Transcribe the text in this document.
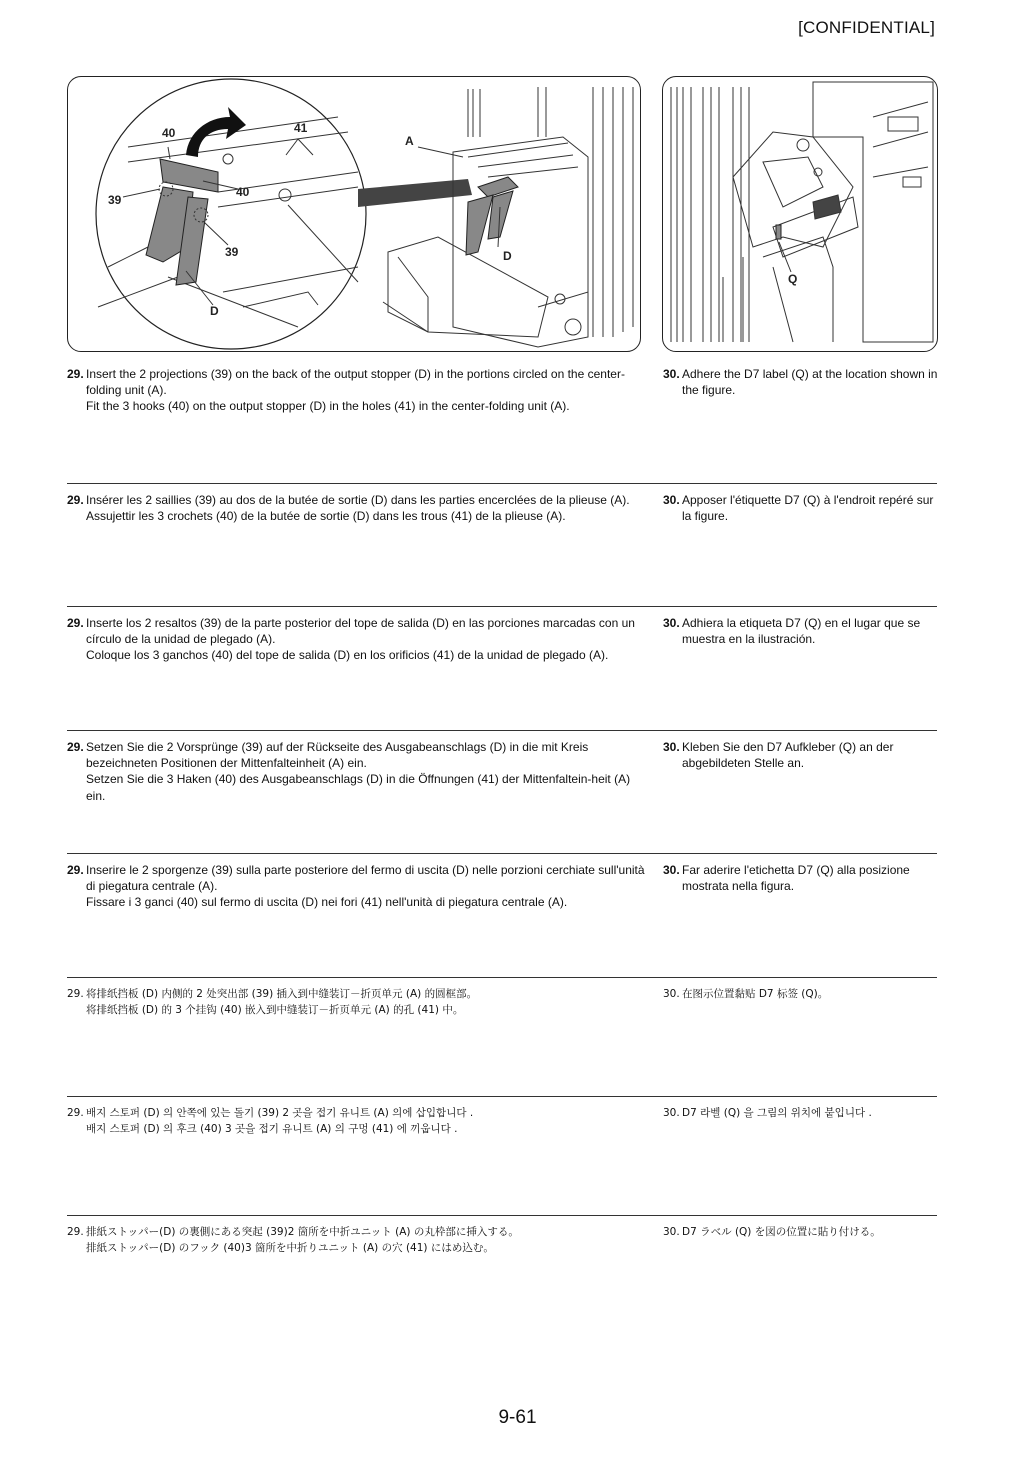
[CONFIDENTIAL]
40	41
39
40
39
D
A
D
Q
29. Insert the 2 projections (39) on the back of the output stopper (D) in the portions circled on the center-folding unit (A).

Fit the 3 hooks (40) on the output stopper (D) in the holes (41) in the center-folding unit (A).

30. Adhere the D7 label (Q) at the location shown in the figure.

29. Insérer les 2 saillies (39) au dos de la butée de sortie (D) dans les parties encerclées de la plieuse (A).

Assujettir les 3 crochets (40) de la butée de sortie (D) dans les trous (41) de la plieuse (A).

30. Apposer l'étiquette D7 (Q) à l'endroit repéré sur la figure.

29. Inserte los 2 resaltos (39) de la parte posterior del tope de salida (D) en las porciones marcadas con un círculo de la unidad de plegado (A).

Coloque los 3 ganchos (40) del tope de salida (D) en los orificios (41) de la unidad de plegado (A).

30. Adhiera la etiqueta D7 (Q) en el lugar que se muestra en la ilustración.

29. Setzen Sie die 2 Vorsprünge (39) auf der Rückseite des Ausgabeanschlags (D) in die mit Kreis bezeichneten Positionen der Mittenfalteinheit (A) ein.

Setzen Sie die 3 Haken (40) des Ausgabeanschlags (D) in die Öffnungen (41) der Mittenfaltein-heit (A) ein.

30. Kleben Sie den D7 Aufkleber (Q) an der abgebildeten Stelle an.

29. Inserire le 2 sporgenze (39) sulla parte posteriore del fermo di uscita (D) nelle porzioni cerchiate sull'unità di piegatura centrale (A).

Fissare i 3 ganci (40) sul fermo di uscita (D) nei fori (41) nell'unità di piegatura centrale (A).

30. Far aderire l'etichetta D7 (Q) alla posizione mostrata nella figura.

29. 将排纸挡板 (D) 内侧的 2 处突出部 (39) 插入到中缝装订－折页单元 (A) 的圆框部。

将排纸挡板 (D) 的 3 个挂钩 (40) 嵌入到中缝装订－折页单元 (A) 的孔 (41) 中。

30. 在图示位置黏贴 D7 标签 (Q)。

29. 배지 스토퍼 (D) 의 안쪽에 있는 돌기 (39) 2 곳을 접기 유니트 (A) 의에 삽입합니다 .

배지 스토퍼 (D) 의 후크 (40) 3 곳을 접기 유니트 (A) 의 구멍 (41) 에 끼웁니다 .

30. D7 라벨 (Q) 을 그림의 위치에 붙입니다 .

29. 排紙ストッパー(D) の裏側にある突起 (39)2 箇所を中折ユニット (A) の丸枠部に挿入する。

排紙ストッパー(D) のフック (40)3 箇所を中折りユニット (A) の穴 (41) にはめ込む。

30. D7 ラベル (Q) を図の位置に貼り付ける。

9-61
